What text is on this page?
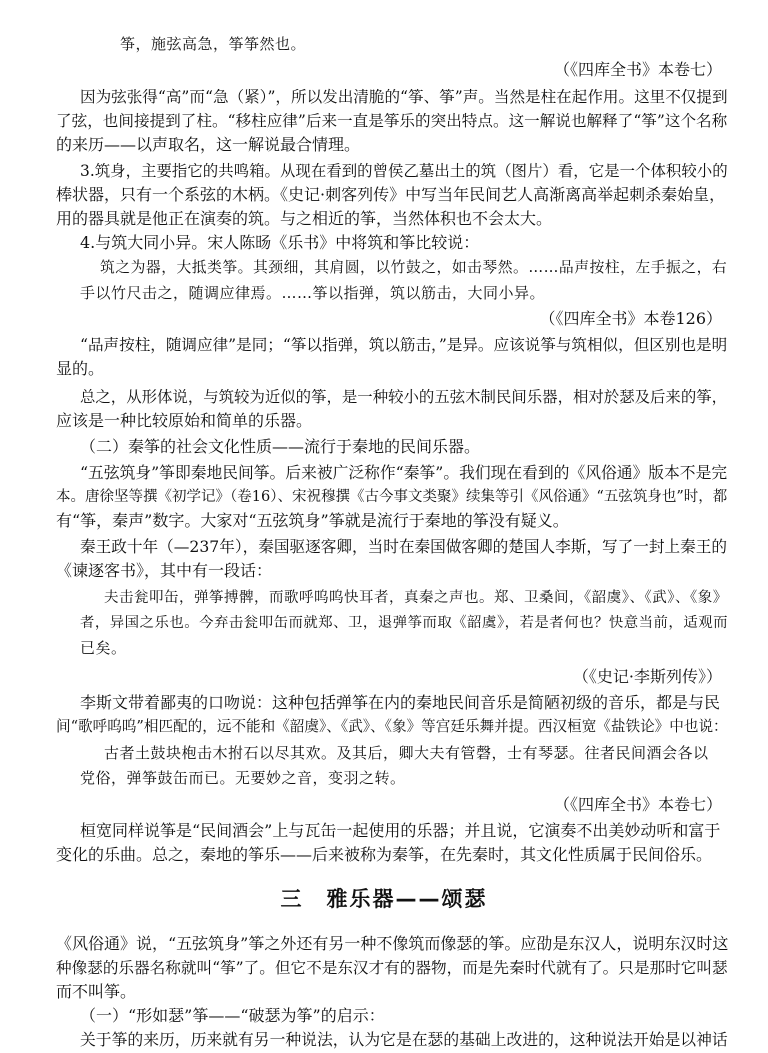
筝，施弦高急，筝筝然也。
（《四库全书》本卷七）
因为弦张得“高”而“急（紧）”，所以发出清脆的“筝、筝”声。当然是柱在起作用。这里不仅提到
了弦，也间接提到了柱。“移柱应律”后来一直是筝乐的突出特点。这一解说也解释了“筝”这个名称
的来历——以声取名，这一解说最合情理。
3.筑身，主要指它的共鸣箱。从现在看到的曾侯乙墓出土的筑（图片）看，它是一个体积较小的
棒状器，只有一个系弦的木柄。《史记·刺客列传》中写当年民间艺人高渐离高举起刺杀秦始皇，
用的器具就是他正在演奏的筑。与之相近的筝，当然体积也不会太大。
4.与筑大同小异。宋人陈旸《乐书》中将筑和筝比较说：
筑之为器，大抵类筝。其颈细，其肩圆，以竹鼓之，如击琴然。……品声按柱，左手振之，右
手以竹尺击之，随调应律焉。……筝以指弹，筑以筋击，大同小异。
（《四库全书》本卷126）
“品声按柱，随调应律”是同；“筝以指弹，筑以筋击，”是异。应该说筝与筑相似，但区别也是明
显的。
总之，从形体说，与筑较为近似的筝，是一种较小的五弦木制民间乐器，相对於瑟及后来的筝，
应该是一种比较原始和简单的乐器。
（二）秦筝的社会文化性质——流行于秦地的民间乐器。
“五弦筑身”筝即秦地民间筝。后来被广泛称作“秦筝”。我们现在看到的《风俗通》版本不是完
本。唐徐坚等撰《初学记》（卷16）、宋祝穆撰《古今事文类聚》续集等引《风俗通》“五弦筑身也”时，都
有“筝，秦声”数字。大家对“五弦筑身”筝就是流行于秦地的筝没有疑义。
秦王政十年（—237年），秦国驱逐客卿，当时在秦国做客卿的楚国人李斯，写了一封上秦王的
《谏逐客书》，其中有一段话：
夫击瓮叩缶，弹筝搏髀，而歌呼呜呜快耳者，真秦之声也。郑、卫桑间，《韶虞》、《武》、《象》
者，异国之乐也。今弃击瓮叩缶而就郑、卫，退弹筝而取《韶虞》，若是者何也？快意当前，适观而
已矣。
（《史记·李斯列传》）
李斯文带着鄙夷的口吻说：这种包括弹筝在内的秦地民间音乐是简陋初级的音乐，都是与民
间“歌呼呜呜”相匹配的，远不能和《韶虞》、《武》、《象》等宫廷乐舞并提。西汉桓宽《盐铁论》中也说：
古者土鼓块枹击木拊石以尽其欢。及其后，卿大夫有管磬，士有琴瑟。往者民间酒会各以
党俗，弹筝鼓缶而已。无要妙之音，变羽之转。
（《四库全书》本卷七）
桓宽同样说筝是“民间酒会”上与瓦缶一起使用的乐器；并且说，它演奏不出美妙动听和富于
变化的乐曲。总之，秦地的筝乐——后来被称为秦筝，在先秦时，其文化性质属于民间俗乐。
三　雅乐器——颂瑟
《风俗通》说，“五弦筑身”筝之外还有另一种不像筑而像瑟的筝。应劭是东汉人，说明东汉时这
种像瑟的乐器名称就叫“筝”了。但它不是东汉才有的器物，而是先秦时代就有了。只是那时它叫瑟
而不叫筝。
（一）“形如瑟”筝——“破瑟为筝”的启示：
关于筝的来历，历来就有另一种说法，认为它是在瑟的基础上改进的，这种说法开始是以神话
